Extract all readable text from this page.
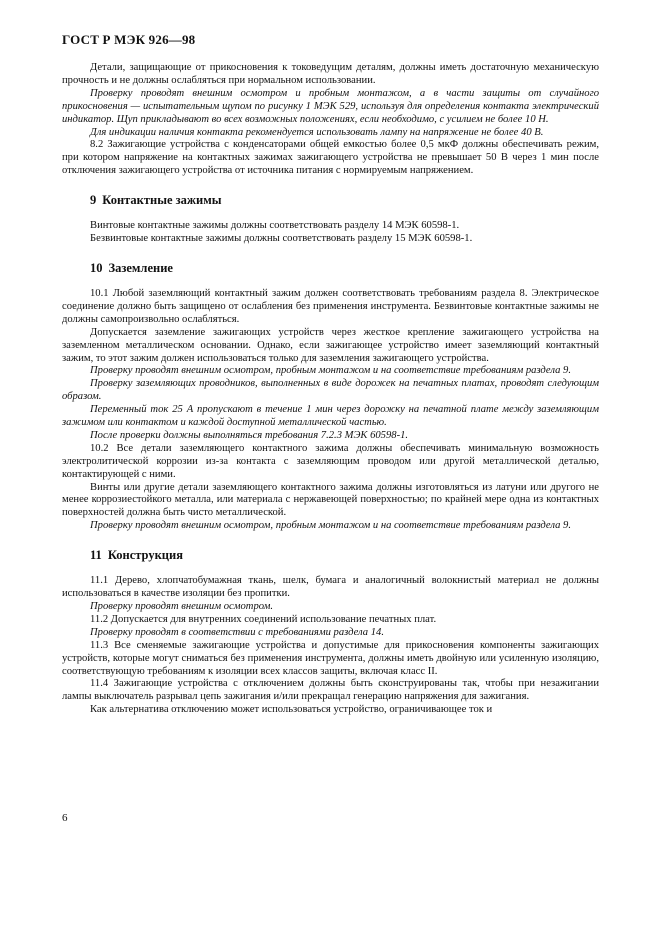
ГОСТ Р МЭК 926—98

Детали, защищающие от прикосновения к токоведущим деталям, должны иметь достаточную механическую прочность и не должны ослабляться при нормальном использовании.

Проверку проводят внешним осмотром и пробным монтажом, а в части защиты от случайного прикосновения — испытательным щупом по рисунку 1 МЭК 529, используя для определения контакта электрический индикатор. Щуп прикладывают во всех возможных положениях, если необходимо, с усилием не более 10 Н.

Для индикации наличия контакта рекомендуется использовать лампу на напряжение не более 40 В.

8.2 Зажигающие устройства с конденсаторами общей емкостью более 0,5 мкФ должны обеспечивать режим, при котором напряжение на контактных зажимах зажигающего устройства не превышает 50 В через 1 мин после отключения зажигающего устройства от источника питания с нормируемым напряжением.

9 Контактные зажимы

Винтовые контактные зажимы должны соответствовать разделу 14 МЭК 60598-1.

Безвинтовые контактные зажимы должны соответствовать разделу 15 МЭК 60598-1.

10 Заземление

10.1 Любой заземляющий контактный зажим должен соответствовать требованиям раздела 8. Электрическое соединение должно быть защищено от ослабления без применения инструмента. Безвинтовые контактные зажимы не должны самопроизвольно ослабляться.

Допускается заземление зажигающих устройств через жесткое крепление зажигающего устройства на заземленном металлическом основании. Однако, если зажигающее устройство имеет заземляющий контактный зажим, то этот зажим должен использоваться только для заземления зажигающего устройства.

Проверку проводят внешним осмотром, пробным монтажом и на соответствие требованиям раздела 9.

Проверку заземляющих проводников, выполненных в виде дорожек на печатных платах, проводят следующим образом.

Переменный ток 25 А пропускают в течение 1 мин через дорожку на печатной плате между заземляющим зажимом или контактом и каждой доступной металлической частью.

После проверки должны выполняться требования 7.2.3 МЭК 60598-1.

10.2 Все детали заземляющего контактного зажима должны обеспечивать минимальную возможность электролитической коррозии из-за контакта с заземляющим проводом или другой металлической деталью, контактирующей с ними.

Винты или другие детали заземляющего контактного зажима должны изготовляться из латуни или другого не менее коррозиестойкого металла, или материала с нержавеющей поверхностью; по крайней мере одна из контактных поверхностей должна быть чисто металлической.

Проверку проводят внешним осмотром, пробным монтажом и на соответствие требованиям раздела 9.

11 Конструкция

11.1 Дерево, хлопчатобумажная ткань, шелк, бумага и аналогичный волокнистый материал не должны использоваться в качестве изоляции без пропитки.

Проверку проводят внешним осмотром.

11.2 Допускается для внутренних соединений использование печатных плат.

Проверку проводят в соответствии с требованиями раздела 14.

11.3 Все сменяемые зажигающие устройства и допустимые для прикосновения компоненты зажигающих устройств, которые могут сниматься без применения инструмента, должны иметь двойную или усиленную изоляцию, соответствующую требованиям к изоляции всех классов защиты, включая класс II.

11.4 Зажигающие устройства с отключением должны быть сконструированы так, чтобы при незажигании лампы выключатель разрывал цепь зажигания и/или прекращал генерацию напряжения для зажигания.

Как альтернатива отключению может использоваться устройство, ограничивающее ток и

6
